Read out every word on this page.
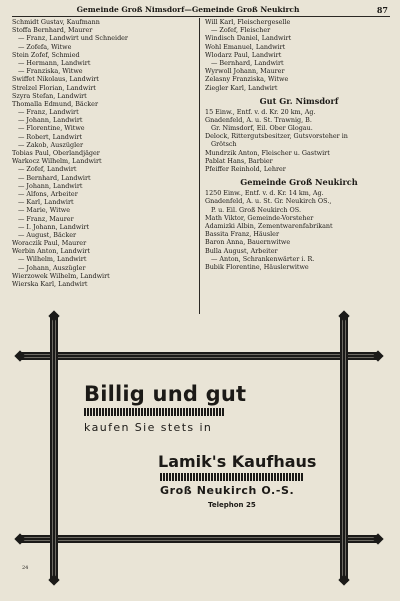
Gemeinde Groß Nimsdorf—Gemeinde Groß Neukirch	87
Schmidt Gustav, Kaufmann
Stoffa Bernhard, Maurer
— Franz, Landwirt und Schneider
— Zofefa, Witwe
Stein Zofef, Schmied
— Hermann, Landwirt
— Franziska, Witwe
Swiffet Nikolaus, Landwirt
Strelzel Florian, Landwirt
Szyra Stefan, Landwirt
Thomalla Edmund, Bäcker
— Franz, Landwirt
— Johann, Landwirt
— Florentine, Witwe
— Robert, Landwirt
— Zakob, Auszügler
Tobias Paul, Oberlandjäger
Warkocz Wilhelm, Landwirt
— Zofef, Landwirt
— Bernhard, Landwirt
— Johann, Landwirt
— Alfons, Arbeiter
— Karl, Landwirt
— Marie, Witwe
— Franz, Maurer
— I. Johann, Landwirt
— August, Bäcker
Woraczik Paul, Maurer
Werbin Anton, Landwirt
— Wilhelm, Landwirt
— Johann, Auszügler
Wierzowek Wilhelm, Landwirt
Wierska Karl, Landwirt
Will Karl, Fleischergeselle
— Zofef, Fleischer
Windisch Daniel, Landwirt
Wohl Emanuel, Landwirt
Wlodarz Paul, Landwirt
— Bernhard, Landwirt
Wyrwoll Johann, Maurer
Zelasny Franziska, Witwe
Ziegler Karl, Landwirt
Gut Gr. Nimsdorf
15 Einw., Entf. v. d. Kr. 20 km, Ag.
Gnadenfeld, A. u. St. Trawnig, B.
Gr. Nimsdorf, Eil. Ober Glogau.
Delock, Rittergutsbesitzer, Gutsvorsteher in
Grötsch
Mundrzik Anton, Fleischer u. Gastwirt
Pablat Hans, Barbier
Pfeiffer Reinhold, Lehrer
Gemeinde Groß Neukirch
1250 Einw., Entf. v. d. Kr. 14 km, Ag.
Gnadenfeld, A. u. St. Gr. Neukirch OS.,
P. u. Eil. Groß Neukirch OS.
Math Viktor, Gemeinde-Vorsteher
Adamizki Albin, Zementwarenfabrikant
Bassita Franz, Häusler
Baron Anna, Bauernwitwe
Bulla August, Arbeiter
— Anton, Schrankenwärter i. R.
Bubik Florentine, Häuslerwitwe
Billig und gut
kaufen Sie stets in
Lamik's Kaufhaus
Groß Neukirch O.-S.
Telephon 25
24
